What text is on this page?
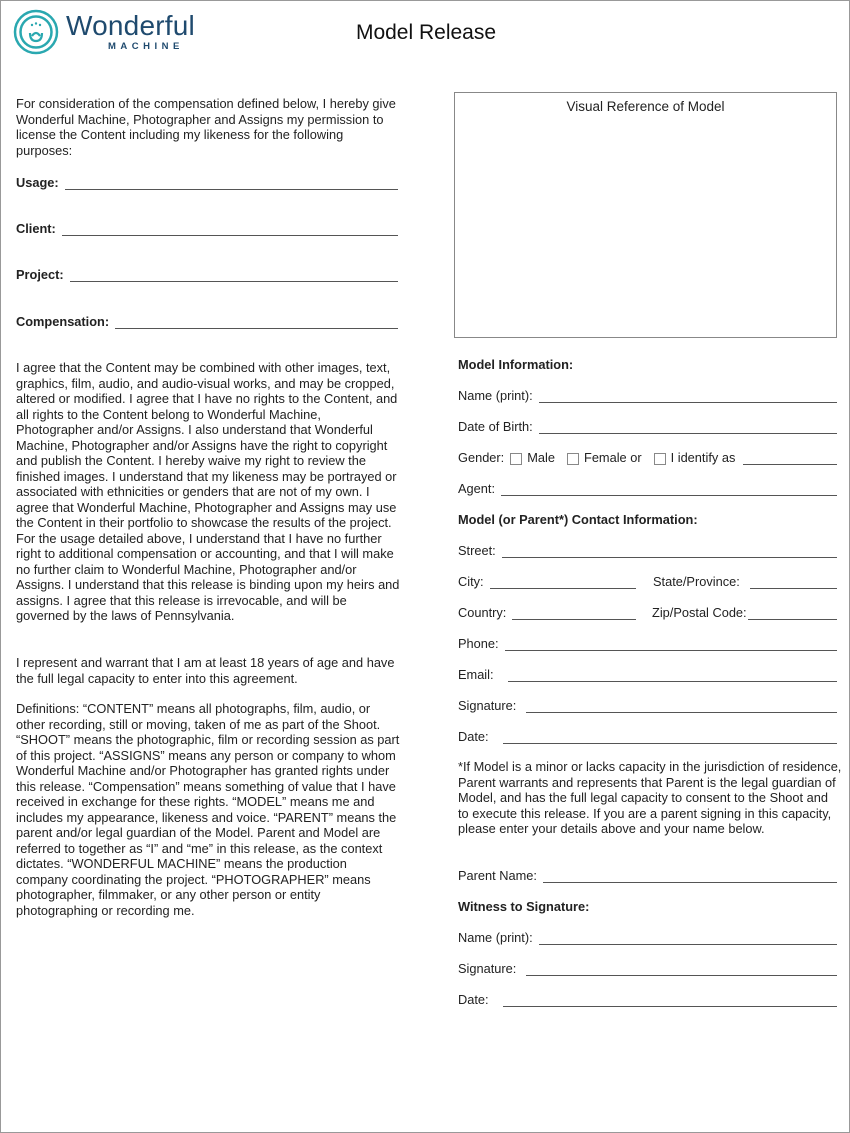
Wonderful
MACHINE
Model Release
For consideration of the compensation defined below, I hereby give Wonderful Machine, Photographer and Assigns my permission to license the Content including my likeness for the following purposes:
Usage:
Client:
Project:
Compensation:
I agree that the Content may be combined with other images, text, graphics, film, audio, and audio-visual works, and may be cropped, altered or modified. I agree that I have no rights to the Content, and all rights to the Content belong to Wonderful Machine, Photographer and/or Assigns. I also understand that Wonderful Machine, Photographer and/or Assigns have the right to copyright and publish the Content. I hereby waive my right to review the finished images. I understand that my likeness may be portrayed or associated with ethnicities or genders that are not of my own. I agree that Wonderful Machine, Photographer and Assigns may use the Content in their portfolio to showcase the results of the project. For the usage detailed above, I understand that I have no further right to additional compensation or accounting, and that I will make no further claim to Wonderful Machine, Photographer and/or Assigns. I understand that this release is binding upon my heirs and assigns. I agree that this release is irrevocable, and will be governed by the laws of Pennsylvania.
I represent and warrant that I am at least 18 years of age and have the full legal capacity to enter into this agreement.
Definitions: “CONTENT” means all photographs, film, audio, or other recording, still or moving, taken of me as part of the Shoot. “SHOOT” means the photographic, film or recording session as part of this project. “ASSIGNS” means any person or company to whom Wonderful Machine and/or Photographer has granted rights under this release. “Compensation” means something of value that I have received in exchange for these rights. “MODEL” means me and includes my appearance, likeness and voice. “PARENT” means the parent and/or legal guardian of the Model. Parent and Model are referred to together as “I” and “me” in this release, as the context dictates. “WONDERFUL MACHINE” means the production company coordinating the project. “PHOTOGRAPHER” means photographer, filmmaker, or any other person or entity photographing or recording me.
Visual Reference of Model
Model Information:
Name (print):
Date of Birth:
Gender: Male Female or I identify as
Agent:
Model (or Parent*) Contact Information:
Street:
City:	State/Province:
Country:	Zip/Postal Code:
Phone:
Email:
Signature:
Date:
*If Model is a minor or lacks capacity in the jurisdiction of residence, Parent warrants and represents that Parent is the legal guardian of Model, and has the full legal capacity to consent to the Shoot and to execute this release. If you are a parent signing in this capacity, please enter your details above and your name below.
Parent Name:
Witness to Signature:
Name (print):
Signature:
Date:
